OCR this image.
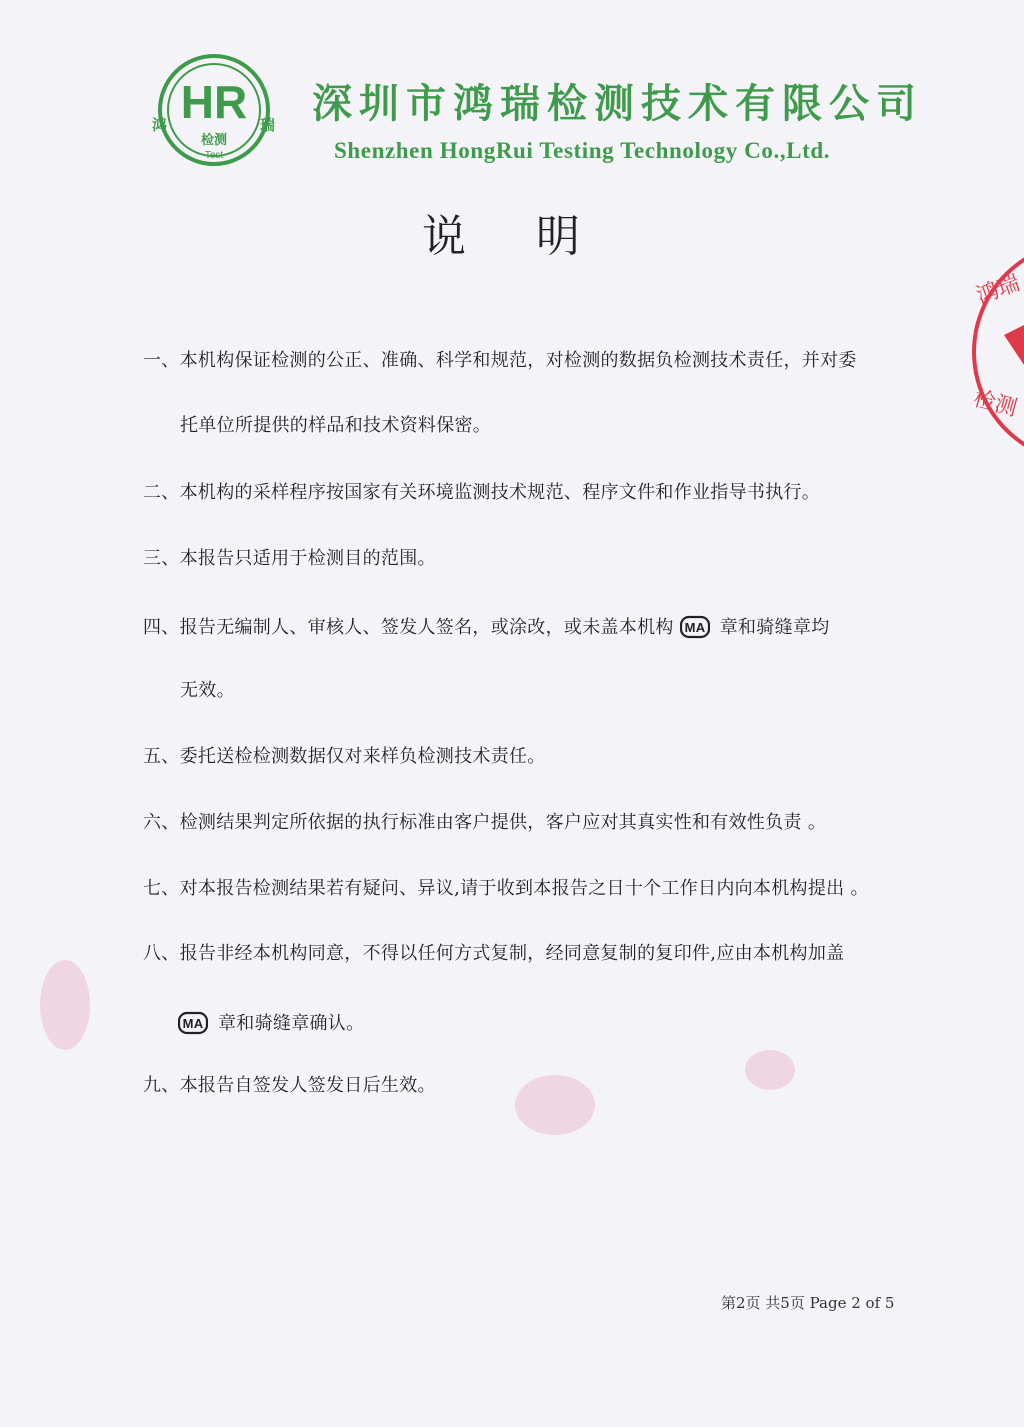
HR
检测
Test
鸿	瑞 深圳市鸿瑞检测技术有限公司
Shenzhen HongRui Testing Technology Co.,Ltd.
说明
一、本机构保证检测的公正、准确、科学和规范，对检测的数据负检测技术责任，并对委
托单位所提供的样品和技术资料保密。
二、本机构的采样程序按国家有关环境监测技术规范、程序文件和作业指导书执行。
三、本报告只适用于检测目的范围。
四、报告无编制人、审核人、签发人签名，或涂改，或未盖本机构 MA 章和骑缝章均
无效。
五、委托送检检测数据仅对来样负检测技术责任。
六、检测结果判定所依据的执行标准由客户提供，客户应对其真实性和有效性负责 。
七、对本报告检测结果若有疑问、异议,请于收到本报告之日十个工作日内向本机构提出 。
八、报告非经本机构同意，不得以任何方式复制，经同意复制的复印件,应由本机构加盖
MA 章和骑缝章确认。
九、本报告自签发人签发日后生效。
第2页 共5页 Page 2 of 5
鸿瑞
检测
